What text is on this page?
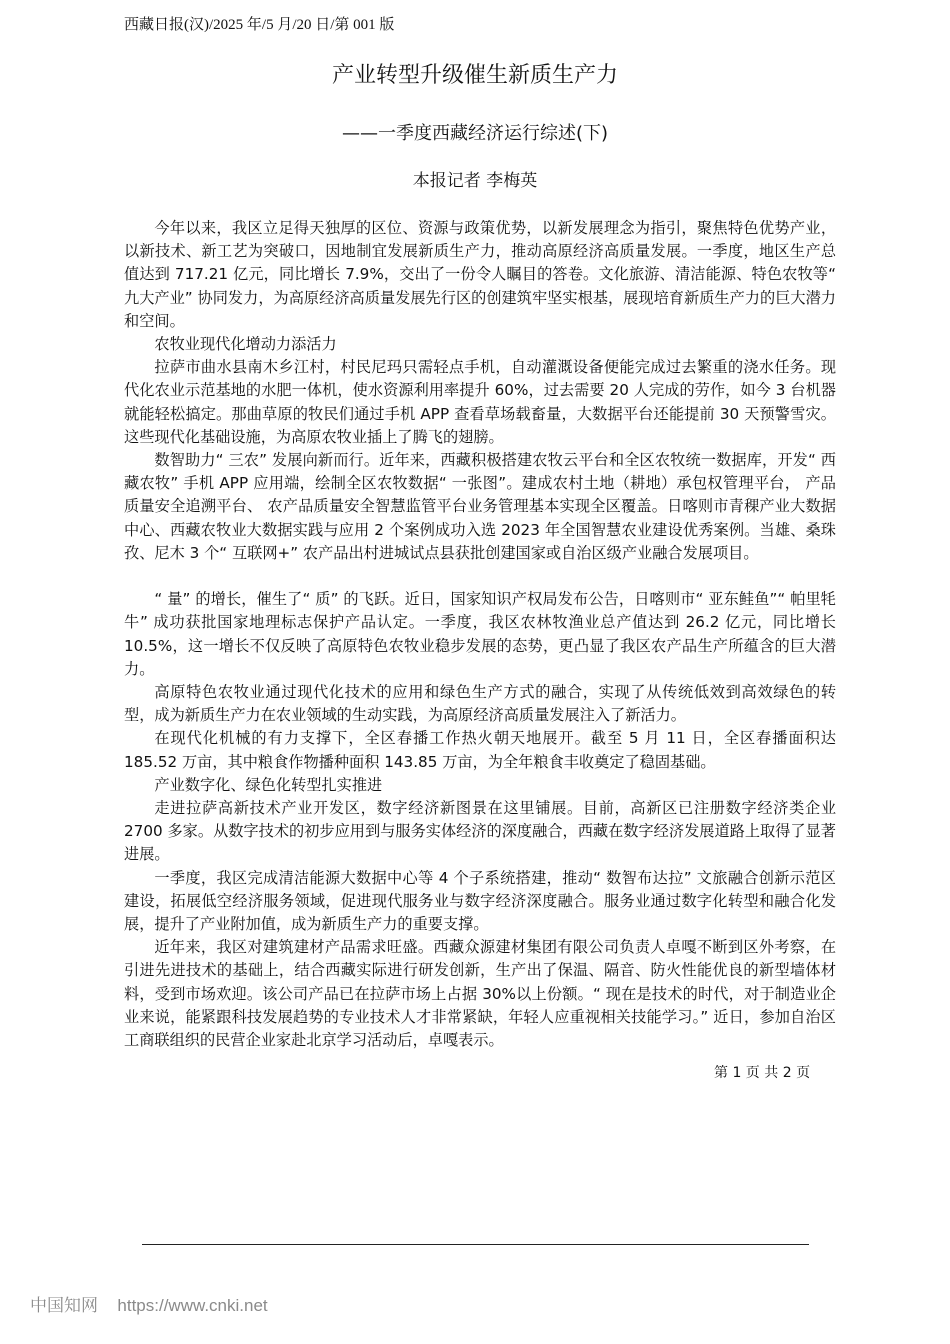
西藏日报(汉)/2025 年/5 月/20 日/第 001 版
产业转型升级催生新质生产力
——一季度西藏经济运行综述(下)
本报记者 李梅英

今年以来，我区立足得天独厚的区位、资源与政策优势，以新发展理念为指引，聚焦特色优势产业，以新技术、新工艺为突破口，因地制宜发展新质生产力，推动高原经济高质量发展。一季度，地区生产总值达到 717.21 亿元，同比增长 7.9%，交出了一份令人瞩目的答卷。文化旅游、清洁能源、特色农牧等“ 九大产业” 协同发力，为高原经济高质量发展先行区的创建筑牢坚实根基，展现培育新质生产力的巨大潜力和空间。

农牧业现代化增动力添活力

拉萨市曲水县南木乡江村，村民尼玛只需轻点手机，自动灌溉设备便能完成过去繁重的浇水任务。现代化农业示范基地的水肥一体机，使水资源利用率提升 60%，过去需要 20 人完成的劳作，如今 3 台机器就能轻松搞定。那曲草原的牧民们通过手机 APP 查看草场载畜量，大数据平台还能提前 30 天预警雪灾。这些现代化基础设施，为高原农牧业插上了腾飞的翅膀。

数智助力“ 三农” 发展向新而行。近年来，西藏积极搭建农牧云平台和全区农牧统一数据库，开发“ 西藏农牧” 手机 APP 应用端，绘制全区农牧数据“ 一张图”。建成农村土地（耕地）承包权管理平台， 产品质量安全追溯平台、 农产品质量安全智慧监管平台业务管理基本实现全区覆盖。日喀则市青稞产业大数据中心、西藏农牧业大数据实践与应用 2 个案例成功入选 2023 年全国智慧农业建设优秀案例。当雄、桑珠孜、尼木 3 个“ 互联网+” 农产品出村进城试点县获批创建国家或自治区级产业融合发展项目。

“ 量” 的增长，催生了“ 质” 的飞跃。近日，国家知识产权局发布公告，日喀则市“ 亚东鲑鱼”“ 帕里牦牛” 成功获批国家地理标志保护产品认定。一季度，我区农林牧渔业总产值达到 26.2 亿元，同比增长 10.5%，这一增长不仅反映了高原特色农牧业稳步发展的态势，更凸显了我区农产品生产所蕴含的巨大潜力。

高原特色农牧业通过现代化技术的应用和绿色生产方式的融合，实现了从传统低效到高效绿色的转型，成为新质生产力在农业领域的生动实践，为高原经济高质量发展注入了新活力。

在现代化机械的有力支撑下，全区春播工作热火朝天地展开。截至 5 月 11 日，全区春播面积达 185.52 万亩，其中粮食作物播种面积 143.85 万亩，为全年粮食丰收奠定了稳固基础。

产业数字化、绿色化转型扎实推进

走进拉萨高新技术产业开发区，数字经济新图景在这里铺展。目前，高新区已注册数字经济类企业 2700 多家。从数字技术的初步应用到与服务实体经济的深度融合，西藏在数字经济发展道路上取得了显著进展。

一季度，我区完成清洁能源大数据中心等 4 个子系统搭建，推动“ 数智布达拉” 文旅融合创新示范区建设，拓展低空经济服务领域，促进现代服务业与数字经济深度融合。服务业通过数字化转型和融合化发展，提升了产业附加值，成为新质生产力的重要支撑。

近年来，我区对建筑建材产品需求旺盛。西藏众源建材集团有限公司负责人卓嘎不断到区外考察，在引进先进技术的基础上，结合西藏实际进行研发创新，生产出了保温、隔音、防火性能优良的新型墙体材料，受到市场欢迎。该公司产品已在拉萨市场上占据 30%以上份额。“ 现在是技术的时代，对于制造业企业来说，能紧跟科技发展趋势的专业技术人才非常紧缺，年轻人应重视相关技能学习。” 近日，参加自治区工商联组织的民营企业家赴北京学习活动后，卓嘎表示。

第 1 页 共 2 页
中国知网 https://www.cnki.net
